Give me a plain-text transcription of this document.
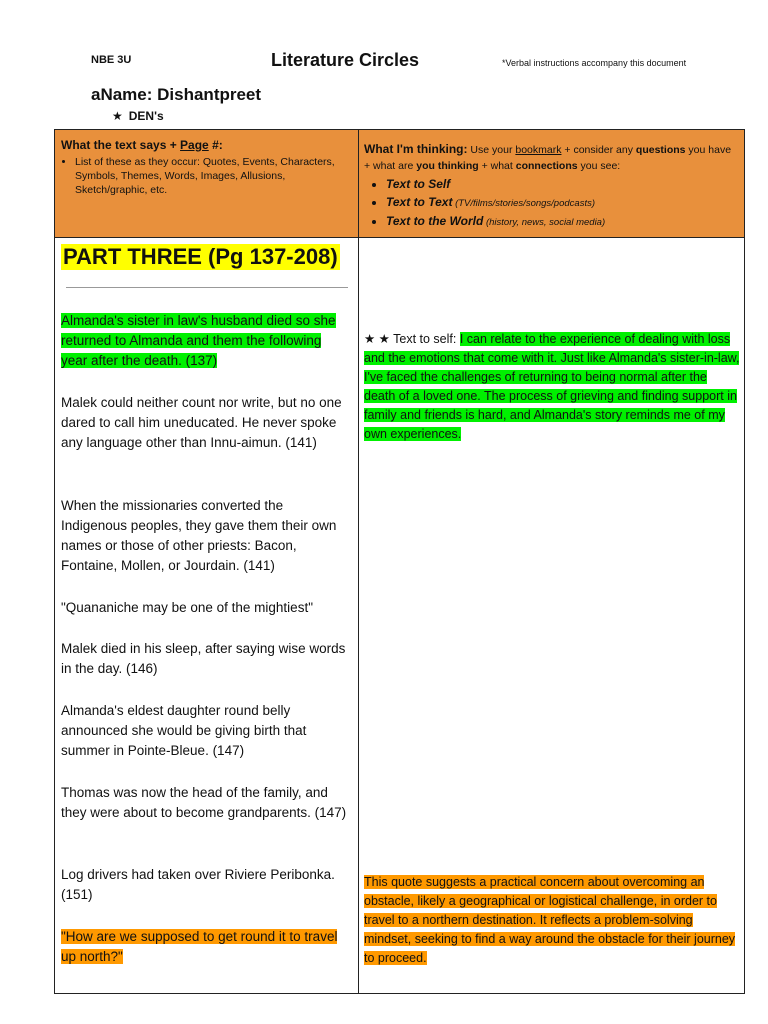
NBE 3U	Literature Circles	*Verbal instructions accompany this document
aName: Dishantpreet
★ DEN's
What the text says + Page #:
• List of these as they occur: Quotes, Events, Characters, Symbols, Themes, Words, Images, Allusions, Sketch/graphic, etc.
What I'm thinking: Use your bookmark + consider any questions you have + what are you thinking + what connections you see:
• Text to Self
• Text to Text (TV/films/stories/songs/podcasts)
• Text to the World (history, news, social media)
PART THREE (Pg 137-208)
Almanda's sister in law's husband died so she returned to Almanda and them the following year after the death. (137)
Malek could neither count nor write, but no one dared to call him uneducated. He never spoke any language other than Innu-aimun. (141)
When the missionaries converted the Indigenous peoples, they gave them their own names or those of other priests: Bacon, Fontaine, Mollen, or Jourdain. (141)
"Quananiche may be one of the mightiest"
Malek died in his sleep, after saying wise words in the day. (146)
Almanda's eldest daughter round belly announced she would be giving birth that summer in Pointe-Bleue. (147)
Thomas was now the head of the family, and they were about to become grandparents. (147)
Log drivers had taken over Riviere Peribonka. (151)
"How are we supposed to get round it to travel up north?"
★ ★ Text to self: I can relate to the experience of dealing with loss and the emotions that come with it. Just like Almanda's sister-in-law, I've faced the challenges of returning to being normal after the death of a loved one. The process of grieving and finding support in family and friends is hard, and Almanda's story reminds me of my own experiences.
This quote suggests a practical concern about overcoming an obstacle, likely a geographical or logistical challenge, in order to travel to a northern destination. It reflects a problem-solving mindset, seeking to find a way around the obstacle for their journey to proceed.
